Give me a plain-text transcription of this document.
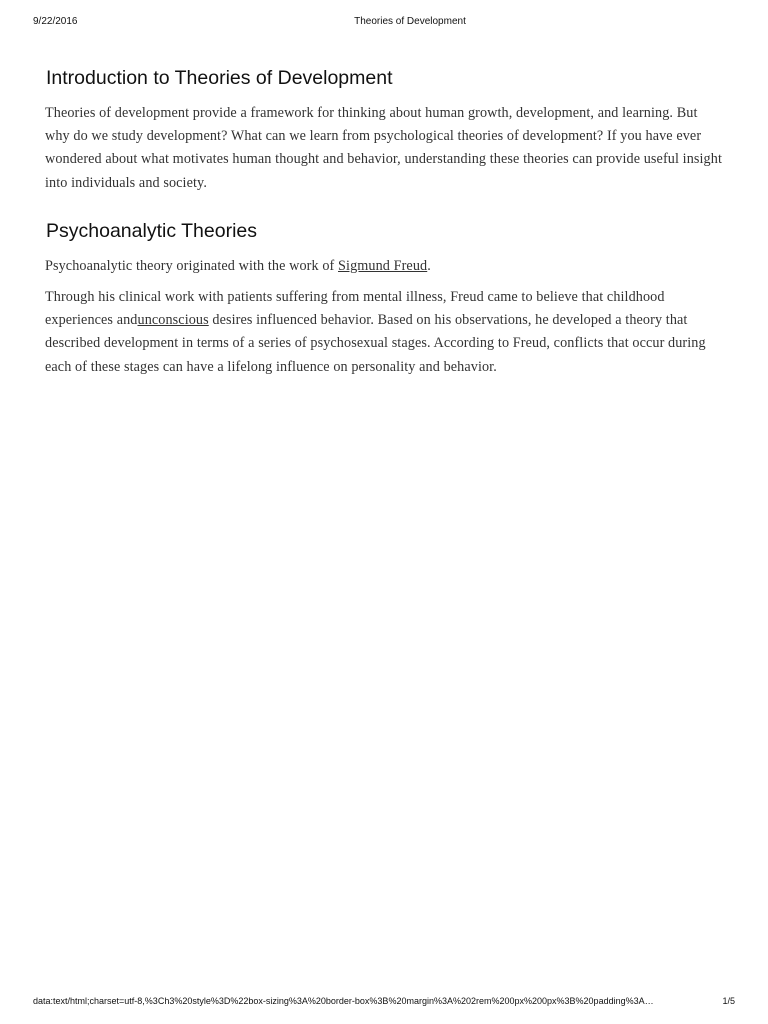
9/22/2016	Theories of Development
Introduction to Theories of Development

Theories of development provide a framework for thinking about human growth, development, and learning. But why do we study development? What can we learn from psychological theories of development? If you have ever wondered about what motivates human thought and behavior, understanding these theories can provide useful insight into individuals and society.

Psychoanalytic Theories

Psychoanalytic theory originated with the work of Sigmund Freud.

Through his clinical work with patients suffering from mental illness, Freud came to believe that childhood experiences andunconscious desires influenced behavior. Based on his observations, he developed a theory that described development in terms of a series of psychosexual stages. According to Freud, conflicts that occur during each of these stages can have a lifelong influence on personality and behavior.

data:text/html;charset=utf-8,%3Ch3%20style%3D%22box-sizing%3A%20border-box%3B%20margin%3A%202rem%200px%200px%3B%20padding%3A…	1/5
